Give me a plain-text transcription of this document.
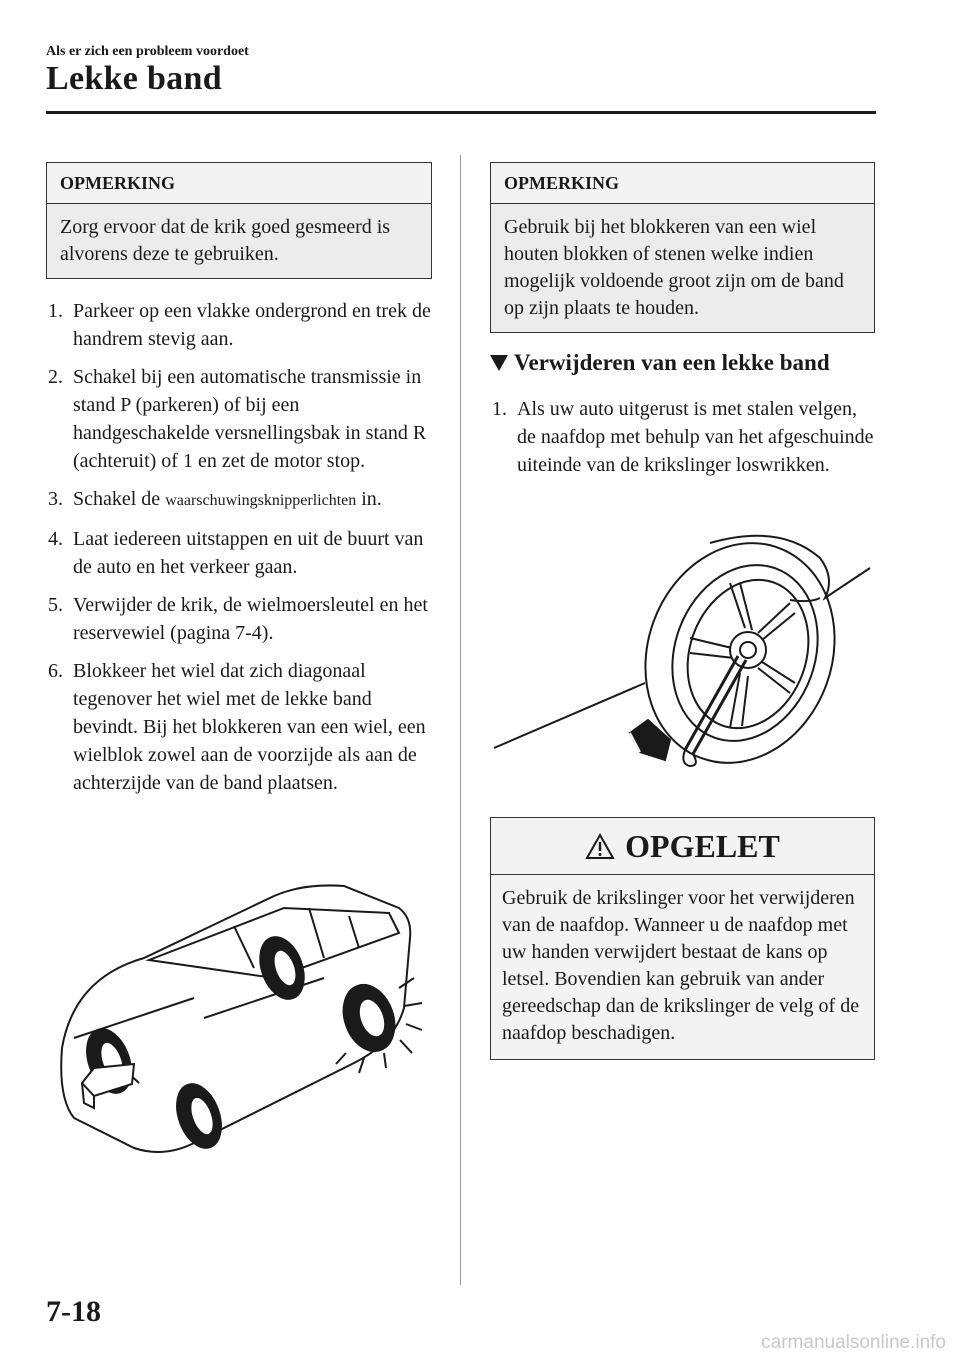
Als er zich een probleem voordoet
Lekke band
OPMERKING
Zorg ervoor dat de krik goed gesmeerd is alvorens deze te gebruiken.
1. Parkeer op een vlakke ondergrond en trek de handrem stevig aan.
2. Schakel bij een automatische transmissie in stand P (parkeren) of bij een handgeschakelde versnellingsbak in stand R (achteruit) of 1 en zet de motor stop.
3. Schakel de waarschuwingsknipperlichten in.
4. Laat iedereen uitstappen en uit de buurt van de auto en het verkeer gaan.
5. Verwijder de krik, de wielmoersleutel en het reservewiel (pagina 7-4).
6. Blokkeer het wiel dat zich diagonaal tegenover het wiel met de lekke band bevindt. Bij het blokkeren van een wiel, een wielblok zowel aan de voorzijde als aan de achterzijde van de band plaatsen.
OPMERKING
Gebruik bij het blokkeren van een wiel houten blokken of stenen welke indien mogelijk voldoende groot zijn om de band op zijn plaats te houden.
Verwijderen van een lekke band
1. Als uw auto uitgerust is met stalen velgen, de naafdop met behulp van het afgeschuinde uiteinde van de krikslinger loswrikken.
OPGELET
Gebruik de krikslinger voor het verwijderen van de naafdop. Wanneer u de naafdop met uw handen verwijdert bestaat de kans op letsel. Bovendien kan gebruik van ander gereedschap dan de krikslinger de velg of de naafdop beschadigen.
7-18
carmanualsonline.info
